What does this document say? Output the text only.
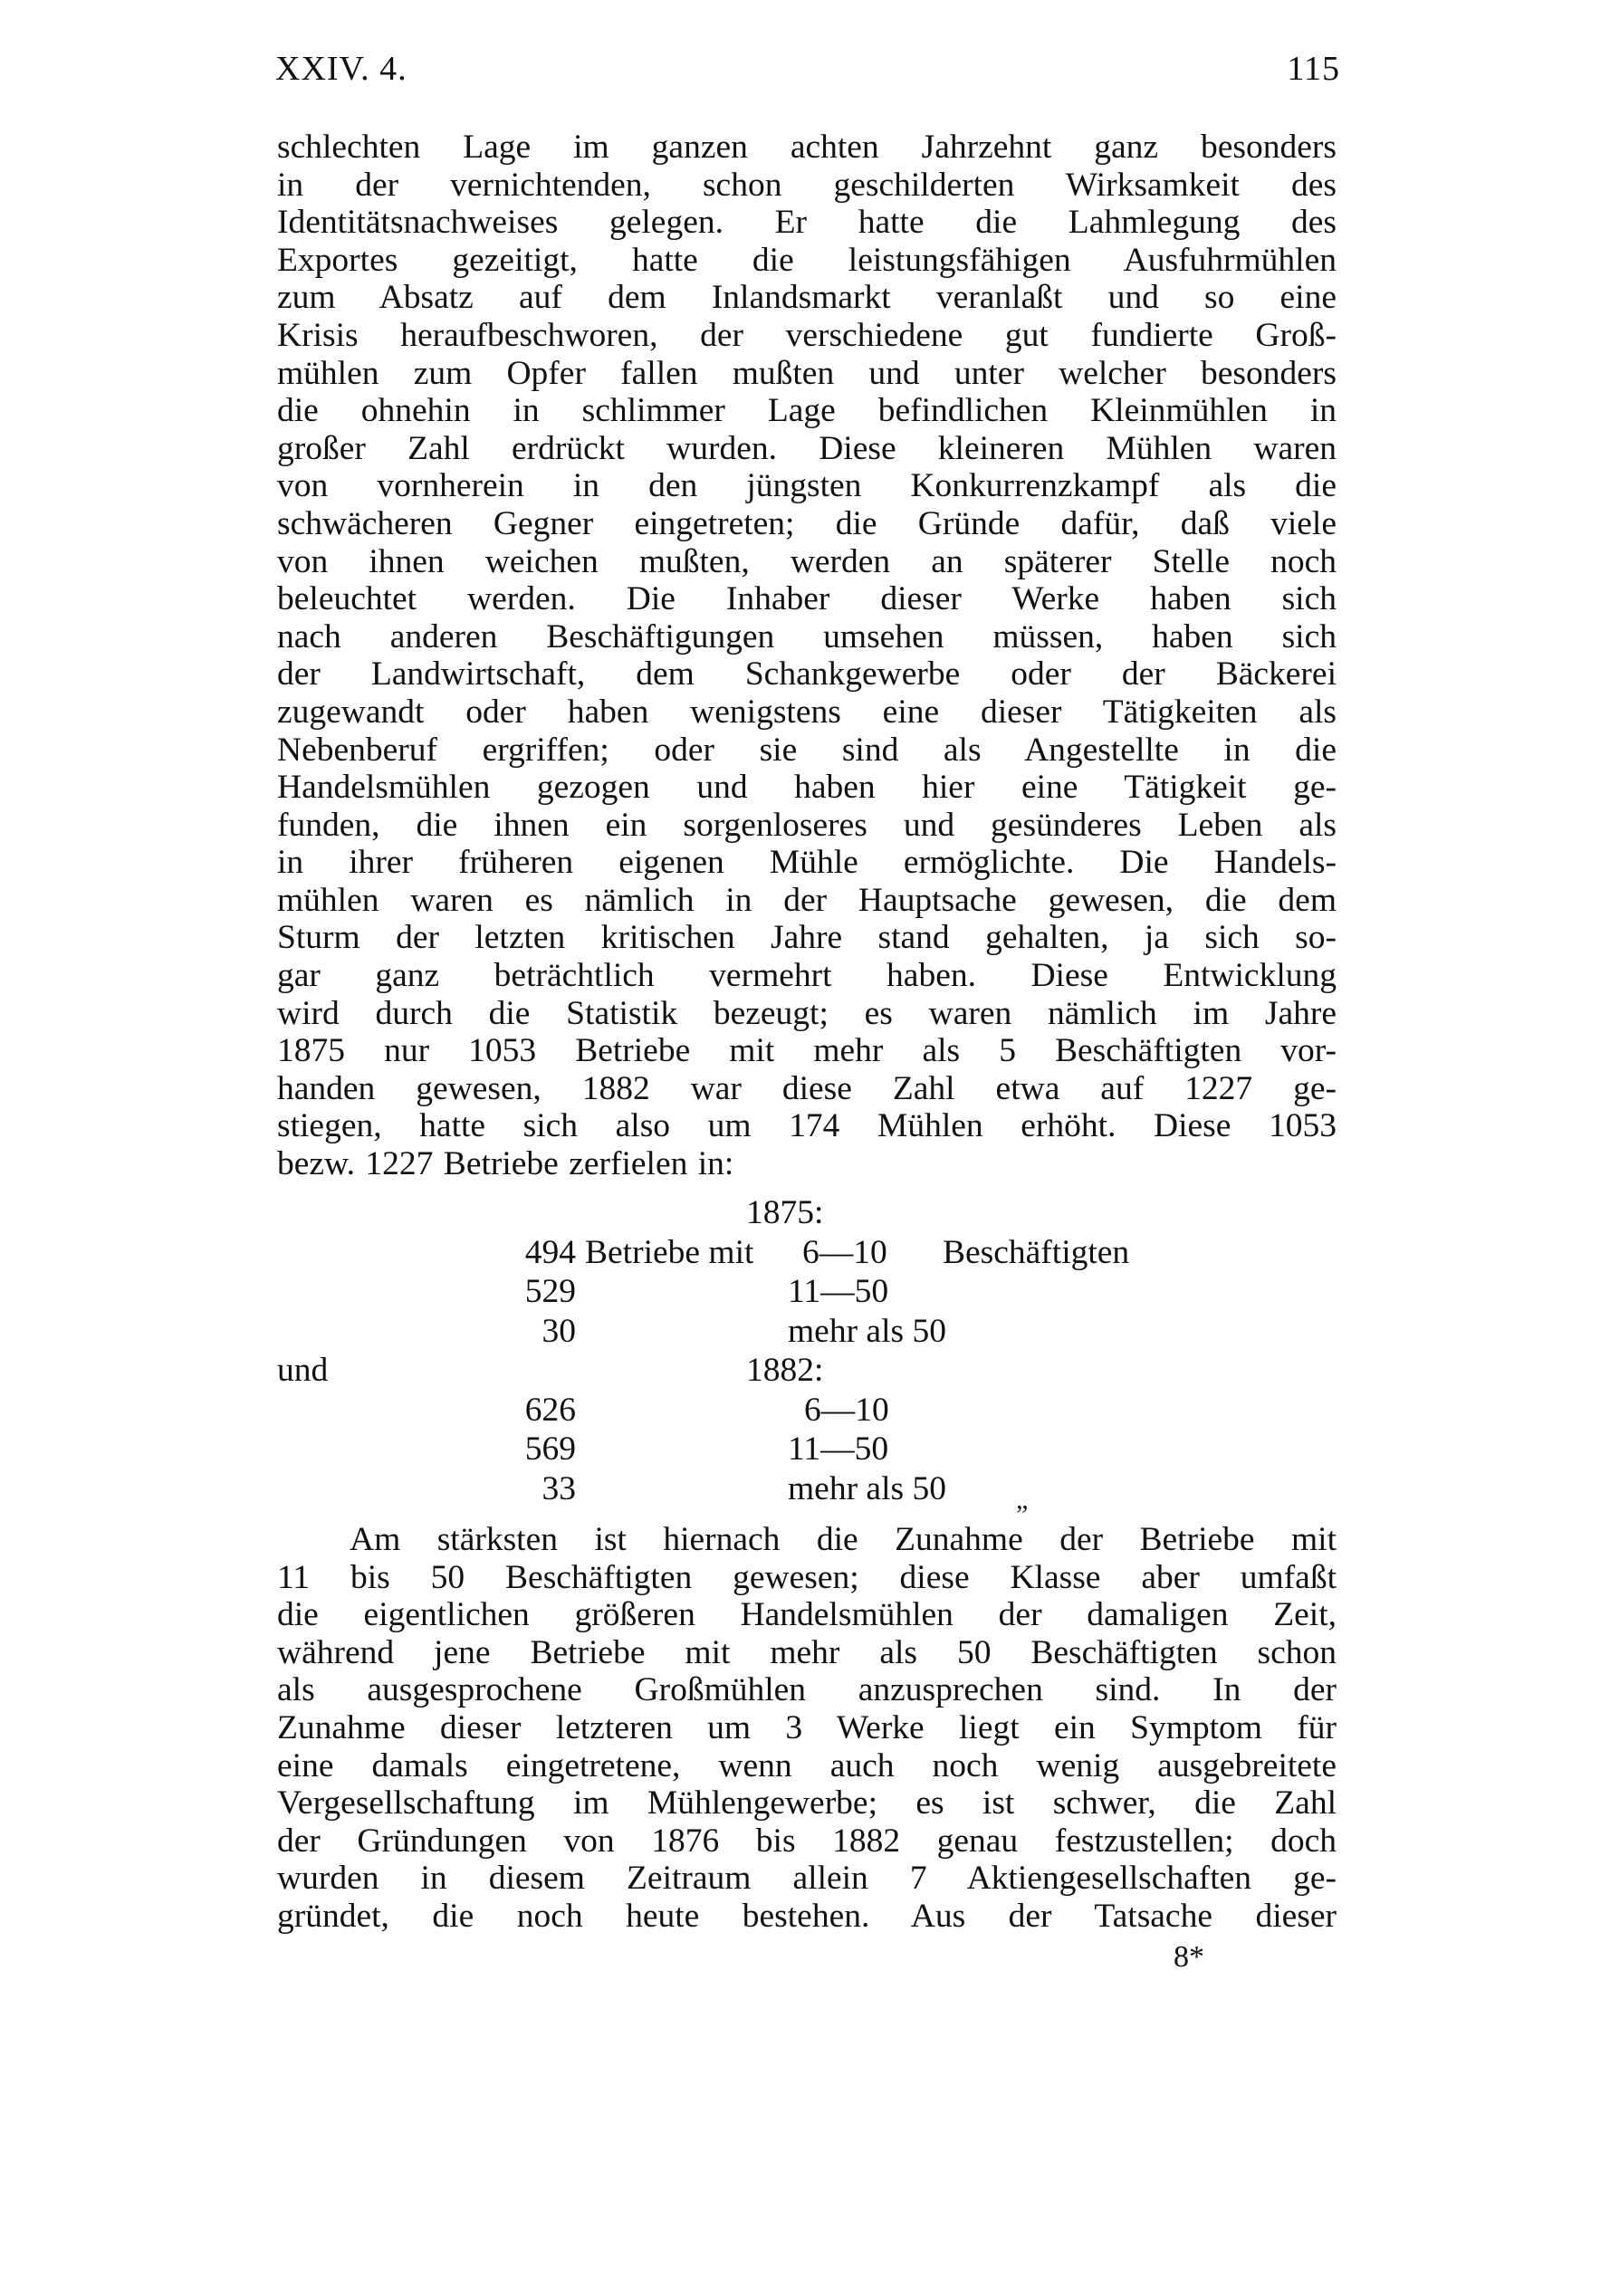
XXIV. 4.	115
schlechten Lage im ganzen achten Jahrzehnt ganz besonders
in der vernichtenden, schon geschilderten Wirksamkeit des
Identitätsnachweises gelegen. Er hatte die Lahmlegung des
Exportes gezeitigt, hatte die leistungsfähigen Ausfuhrmühlen
zum Absatz auf dem Inlandsmarkt veranlaßt und so eine
Krisis heraufbeschworen, der verschiedene gut fundierte Groß-
mühlen zum Opfer fallen mußten und unter welcher besonders
die ohnehin in schlimmer Lage befindlichen Kleinmühlen in
großer Zahl erdrückt wurden. Diese kleineren Mühlen waren
von vornherein in den jüngsten Konkurrenzkampf als die
schwächeren Gegner eingetreten; die Gründe dafür, daß viele
von ihnen weichen mußten, werden an späterer Stelle noch
beleuchtet werden. Die Inhaber dieser Werke haben sich
nach anderen Beschäftigungen umsehen müssen, haben sich
der Landwirtschaft, dem Schankgewerbe oder der Bäckerei
zugewandt oder haben wenigstens eine dieser Tätigkeiten als
Nebenberuf ergriffen; oder sie sind als Angestellte in die
Handelsmühlen gezogen und haben hier eine Tätigkeit ge-
funden, die ihnen ein sorgenloseres und gesünderes Leben als
in ihrer früheren eigenen Mühle ermöglichte. Die Handels-
mühlen waren es nämlich in der Hauptsache gewesen, die dem
Sturm der letzten kritischen Jahre stand gehalten, ja sich so-
gar ganz beträchtlich vermehrt haben. Diese Entwicklung
wird durch die Statistik bezeugt; es waren nämlich im Jahre
1875 nur 1053 Betriebe mit mehr als 5 Beschäftigten vor-
handen gewesen, 1882 war diese Zahl etwa auf 1227 ge-
stiegen, hatte sich also um 174 Mühlen erhöht. Diese 1053
bezw. 1227 Betriebe zerfielen in:
1875:
494 Betriebe mit 6—10 Beschäftigten
529	11—50
30	mehr als 50
und	1882:
626	6—10
569	11—50
33	mehr als 50	„
Am stärksten ist hiernach die Zunahme der Betriebe mit
11 bis 50 Beschäftigten gewesen; diese Klasse aber umfaßt
die eigentlichen größeren Handelsmühlen der damaligen Zeit,
während jene Betriebe mit mehr als 50 Beschäftigten schon
als ausgesprochene Großmühlen anzusprechen sind. In der
Zunahme dieser letzteren um 3 Werke liegt ein Symptom für
eine damals eingetretene, wenn auch noch wenig ausgebreitete
Vergesellschaftung im Mühlengewerbe; es ist schwer, die Zahl
der Gründungen von 1876 bis 1882 genau festzustellen; doch
wurden in diesem Zeitraum allein 7 Aktiengesellschaften ge-
gründet, die noch heute bestehen. Aus der Tatsache dieser
8*
